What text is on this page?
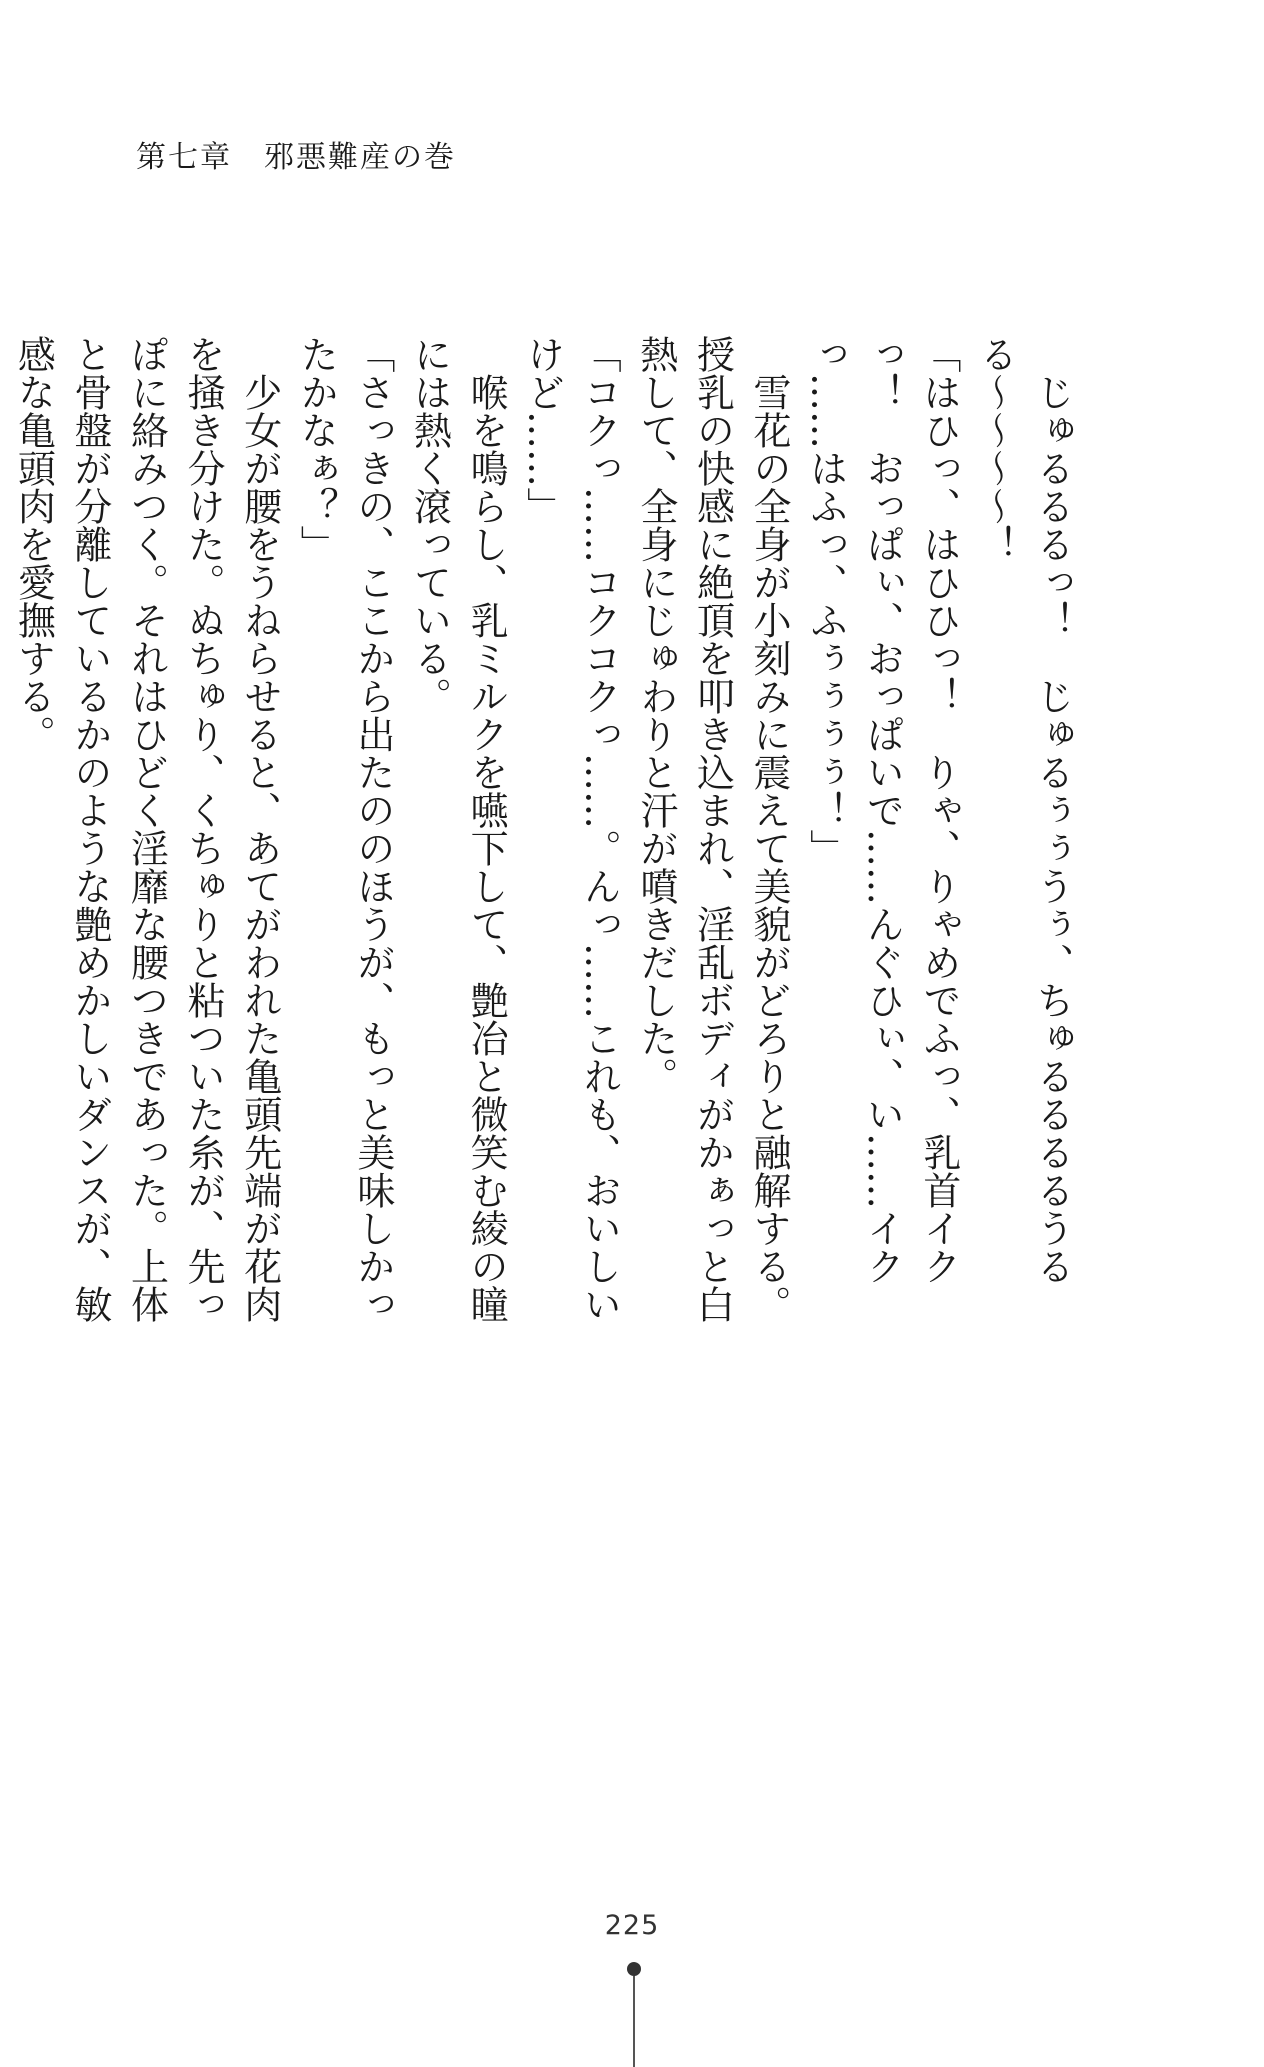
第七章　邪悪難産の巻

　じゅるるるっ！　じゅるぅぅうぅ、ちゅるるるるうるる〜〜〜〜！

「はひっ、はひひっ！　りゃ、りゃめでふっ、乳首イクっ！　おっぱぃ、おっぱいで……んぐひぃ、い……イクっ……はふっ、ふぅぅぅぅ！」

　雪花の全身が小刻みに震えて美貌がどろりと融解する。授乳の快感に絶頂を叩き込まれ、淫乱ボディがかぁっと白熱して、全身にじゅわりと汗が噴きだした。

「コクっ……コクコクっ……。んっ……これも、おいしいけど……」

　喉を鳴らし、乳ミルクを嚥下して、艶冶と微笑む綾の瞳には熱く滾っている。

「さっきの、ここから出たののほうが、もっと美味しかったかなぁ？」

　少女が腰をうねらせると、あてがわれた亀頭先端が花肉を掻き分けた。ぬちゅり、くちゅりと粘ついた糸が、先っぽに絡みつく。それはひどく淫靡な腰つきであった。上体と骨盤が分離しているかのような艶めかしいダンスが、敏感な亀頭肉を愛撫する。

225
